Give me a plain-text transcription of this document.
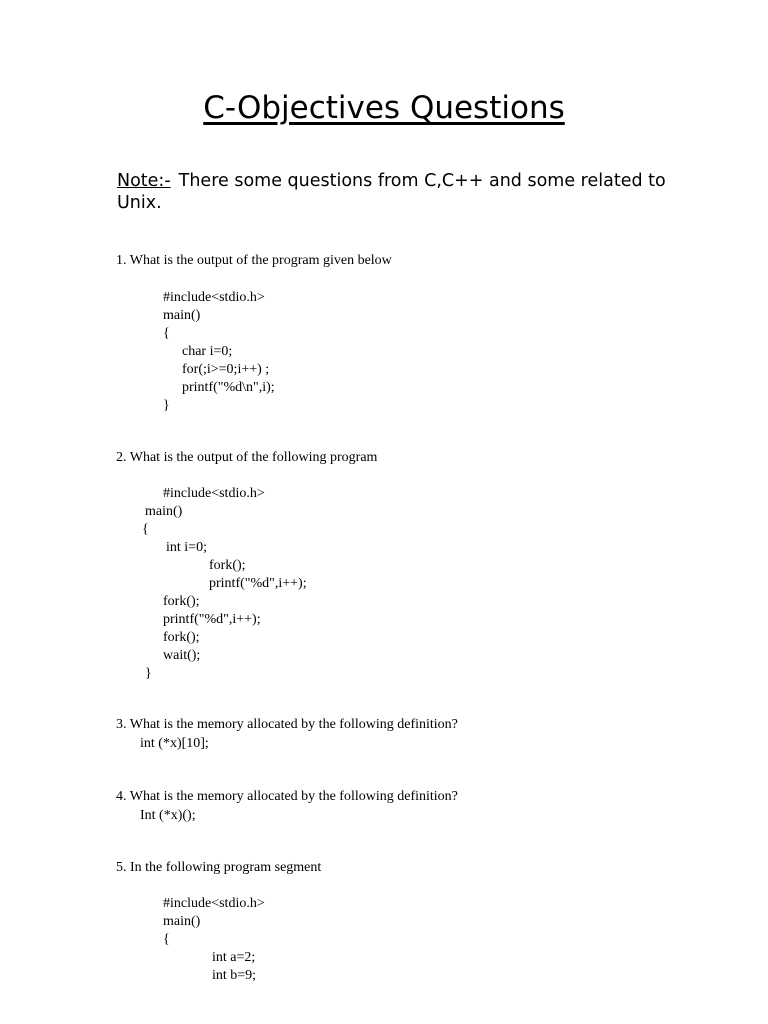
C-Objectives Questions
Note:- There some questions from C,C++ and some related to Unix.
1. What is the output of the program given below
#include<stdio.h>
main()
{
char i=0;
for(;i>=0;i++) ;
printf("%d\n",i);
}
2. What is the output of the following program
#include<stdio.h>
main()
{
int i=0;
fork();
printf("%d",i++);
fork();
printf("%d",i++);
fork();
wait();
}
3. What is the memory allocated by the following definition?
int (*x)[10];
4. What is the memory allocated by the following definition?
Int (*x)();
5. In the following program segment
#include<stdio.h>
main()
{
int a=2;
int b=9;
